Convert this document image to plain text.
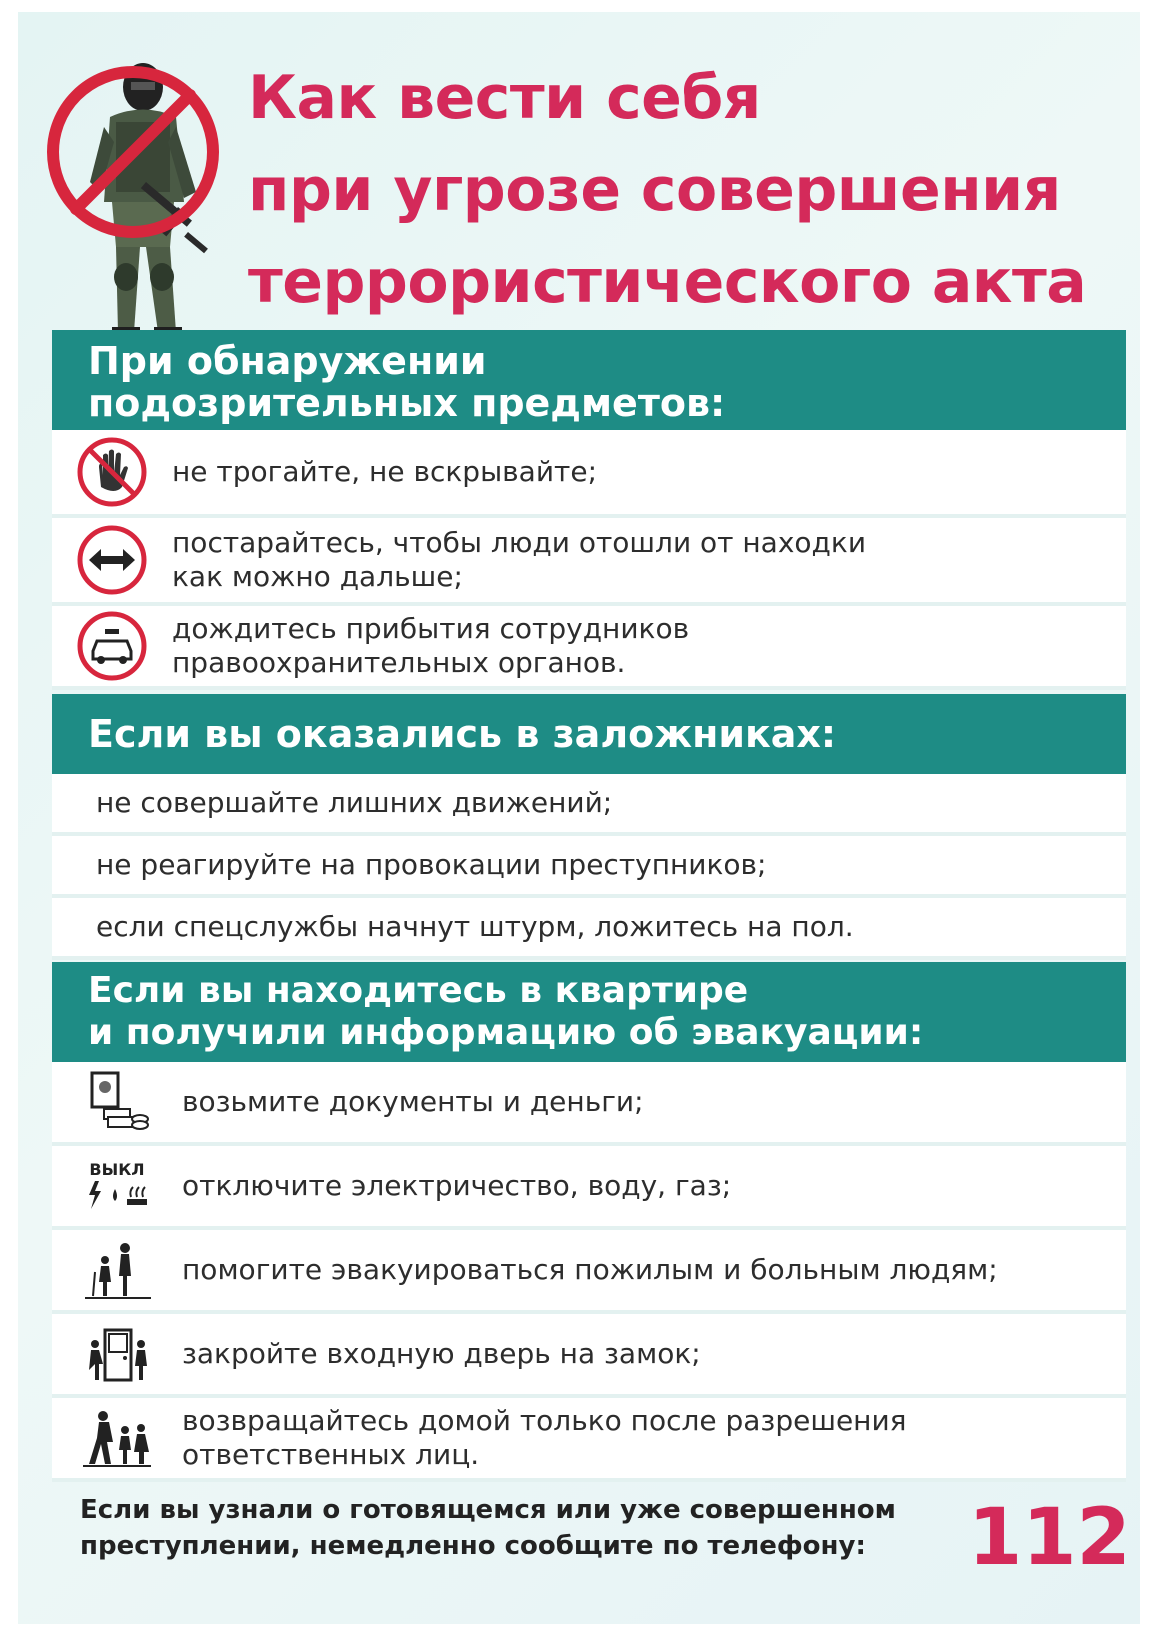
Как вести себя
при угрозе совершения
террористического акта
При обнаружении
подозрительных предметов:
не трогайте, не вскрывайте;
постарайтесь, чтобы люди отошли от находки
как можно дальше;
дождитесь прибытия сотрудников
правоохранительных органов.
Если вы оказались в заложниках:
не совершайте лишних движений;
не реагируйте на провокации преступников;
если спецслужбы начнут штурм, ложитесь на пол.
Если вы находитесь в квартире
и получили информацию об эвакуации:
возьмите документы и деньги;
ВЫКЛ отключите электричество, воду, газ;
помогите эвакуироваться пожилым и больным людям;
закройте входную дверь на замок;
возвращайтесь домой только после разрешения
ответственных лиц.
Если вы узнали о готовящемся или уже совершенном
преступлении, немедленно сообщите по телефону:	112
